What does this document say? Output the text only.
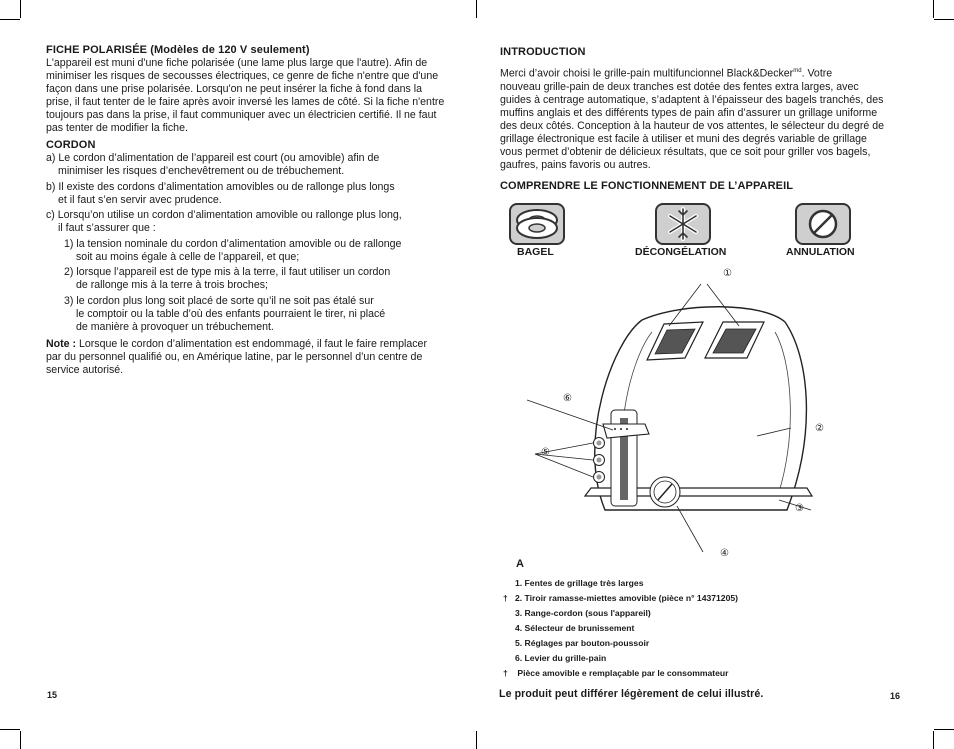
FICHE POLARISÉE (Modèles de 120 V seulement)
L'appareil est muni d'une fiche polarisée (une lame plus large que l'autre). Afin de
minimiser les risques de secousses électriques, ce genre de fiche n'entre que d'une
façon dans une prise polarisée. Lorsqu'on ne peut insérer la fiche à fond dans la
prise, il faut tenter de le faire après avoir inversé les lames de côté. Si la fiche n'entre
toujours pas dans la prise, il faut communiquer avec un électricien certifié. Il ne faut
pas tenter de modifier la fiche.
CORDON
a) Le cordon d’alimentation de l’appareil est court (ou amovible) afin de
minimiser les risques d’enchevêtrement ou de trébuchement.
b) Il existe des cordons d’alimentation amovibles ou de rallonge plus longs
et il faut s’en servir avec prudence.
c) Lorsqu’on utilise un cordon d’alimentation amovible ou rallonge plus long,
il faut s’assurer que :
1) la tension nominale du cordon d’alimentation amovible ou de rallonge
soit au moins égale à celle de l’appareil, et que;
2) lorsque l’appareil est de type mis à la terre, il faut utiliser un cordon
de rallonge mis à la terre à trois broches;
3) le cordon plus long soit placé de sorte qu’il ne soit pas étalé sur
le comptoir ou la table d’où des enfants pourraient le tirer, ni placé
de manière à provoquer un trébuchement.
Note : Lorsque le cordon d’alimentation est endommagé, il faut le faire remplacer
par du personnel qualifié ou, en Amérique latine, par le personnel d’un centre de
service autorisé.
15
INTRODUCTION
Merci d’avoir choisi le grille-pain multifuncionnel Black&Decker$^{md}$. Votre
nouveau grille-pain de deux tranches est dotée des fentes extra larges, avec
guides à centrage automatique, s’adaptent à l’épaisseur des bagels tranchés, des
muffins anglais et des différents types de pain afin d’assurer un grillage uniforme
des deux côtés. Conception à la hauteur de vos attentes, le sélecteur du degré de
grillage électronique est facile à utiliser et muni des degrés variable de grillage
vous permet d’obtenir de délicieux résultats, que ce soit pour griller vos bagels,
gaufres, pains favoris ou autres.
COMPRENDRE LE FONCTIONNEMENT DE L’APPAREIL
BAGEL	DÉCONGÉLATION	ANNULATION
①
②
③
④
⑤
⑥
A
1. Fentes de grillage très larges
† 2. Tiroir ramasse-miettes amovible (pièce n° 14371205)
3. Range-cordon (sous l'appareil)
4. Sélecteur de brunissement
5. Réglages par bouton-poussoir
6. Levier du grille-pain
† Pièce amovible e remplaçable par le consommateur
Le produit peut différer légèrement de celui illustré.	16
